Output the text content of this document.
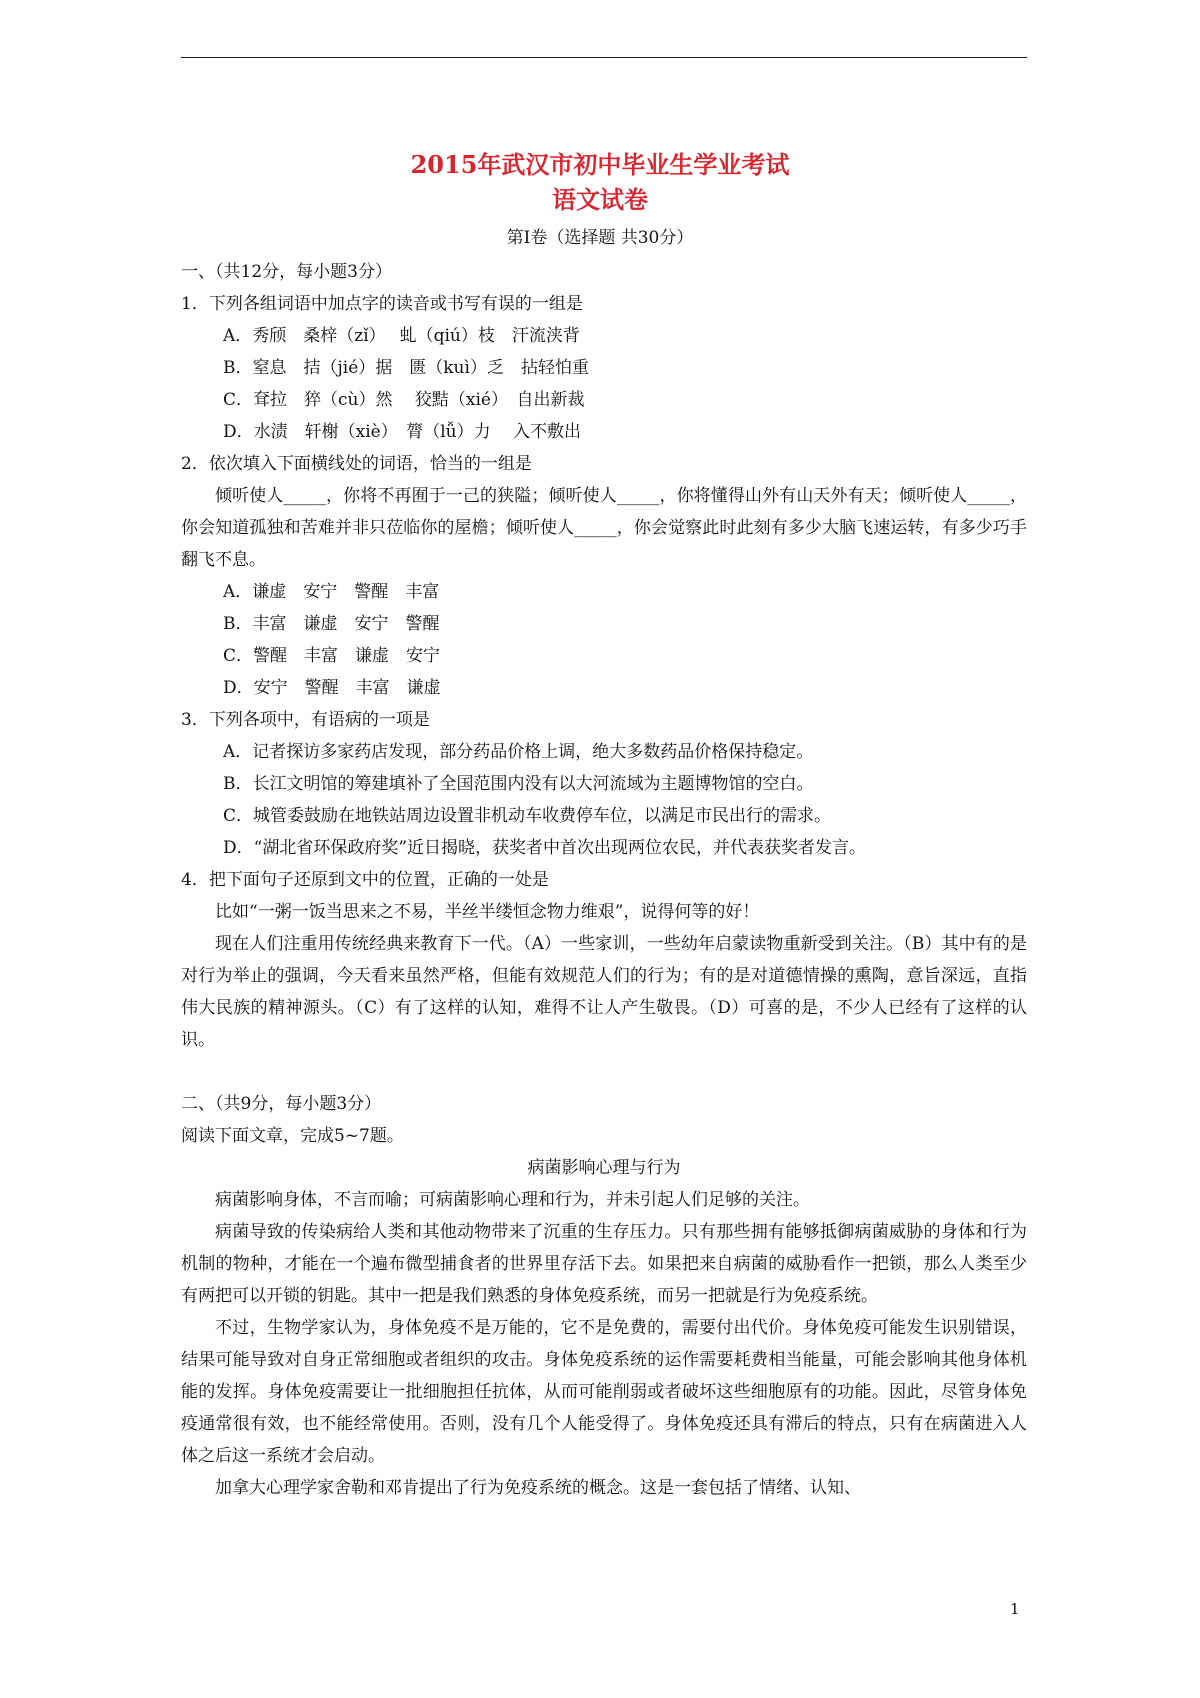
2015年武汉市初中毕业生学业考试
语文试卷
第Ⅰ卷（选择题 共30分）

一、（共12分，每小题3分）

1．下列各组词语中加点字的读音或书写有误的一组是

A．秀颀　桑梓（zǐ）　 虬（qiú）枝　汗流浃背

B．窒息　拮（jié）据　匮（kuì）乏　拈轻怕重

C．耷拉　猝（cù）然　 狡黠（xié）　自出新裁

D．水渍　轩榭（xiè）　膂（lǚ）力　 入不敷出

2．依次填入下面横线处的词语，恰当的一组是

倾听使人_____，你将不再囿于一己的狭隘；倾听使人_____，你将懂得山外有山天外有天；倾听使人_____，你会知道孤独和苦难并非只莅临你的屋檐；倾听使人_____，你会觉察此时此刻有多少大脑飞速运转，有多少巧手翻飞不息。

A．谦虚　安宁　警醒　丰富

B．丰富　谦虚　安宁　警醒

C．警醒　丰富　谦虚　安宁

D．安宁　警醒　丰富　谦虚

3．下列各项中，有语病的一项是

A．记者探访多家药店发现，部分药品价格上调，绝大多数药品价格保持稳定。

B．长江文明馆的筹建填补了全国范围内没有以大河流域为主题博物馆的空白。

C．城管委鼓励在地铁站周边设置非机动车收费停车位，以满足市民出行的需求。

D．“湖北省环保政府奖”近日揭晓，获奖者中首次出现两位农民，并代表获奖者发言。

4．把下面句子还原到文中的位置，正确的一处是

比如“一粥一饭当思来之不易，半丝半缕恒念物力维艰”，说得何等的好！

现在人们注重用传统经典来教育下一代。（A）一些家训，一些幼年启蒙读物重新受到关注。（B）其中有的是对行为举止的强调，今天看来虽然严格，但能有效规范人们的行为；有的是对道德情操的熏陶，意旨深远，直指伟大民族的精神源头。（C）有了这样的认知，难得不让人产生敬畏。（D）可喜的是，不少人已经有了这样的认识。

二、（共9分，每小题3分）

阅读下面文章，完成5~7题。

病菌影响心理与行为

病菌影响身体，不言而喻；可病菌影响心理和行为，并未引起人们足够的关注。

病菌导致的传染病给人类和其他动物带来了沉重的生存压力。只有那些拥有能够抵御病菌威胁的身体和行为机制的物种，才能在一个遍布微型捕食者的世界里存活下去。如果把来自病菌的威胁看作一把锁，那么人类至少有两把可以开锁的钥匙。其中一把是我们熟悉的身体免疫系统，而另一把就是行为免疫系统。

不过，生物学家认为，身体免疫不是万能的，它不是免费的，需要付出代价。身体免疫可能发生识别错误，结果可能导致对自身正常细胞或者组织的攻击。身体免疫系统的运作需要耗费相当能量，可能会影响其他身体机能的发挥。身体免疫需要让一批细胞担任抗体，从而可能削弱或者破坏这些细胞原有的功能。因此，尽管身体免疫通常很有效，也不能经常使用。否则，没有几个人能受得了。身体免疫还具有滞后的特点，只有在病菌进入人体之后这一系统才会启动。

加拿大心理学家舍勒和邓肯提出了行为免疫系统的概念。这是一套包括了情绪、认知、

1
